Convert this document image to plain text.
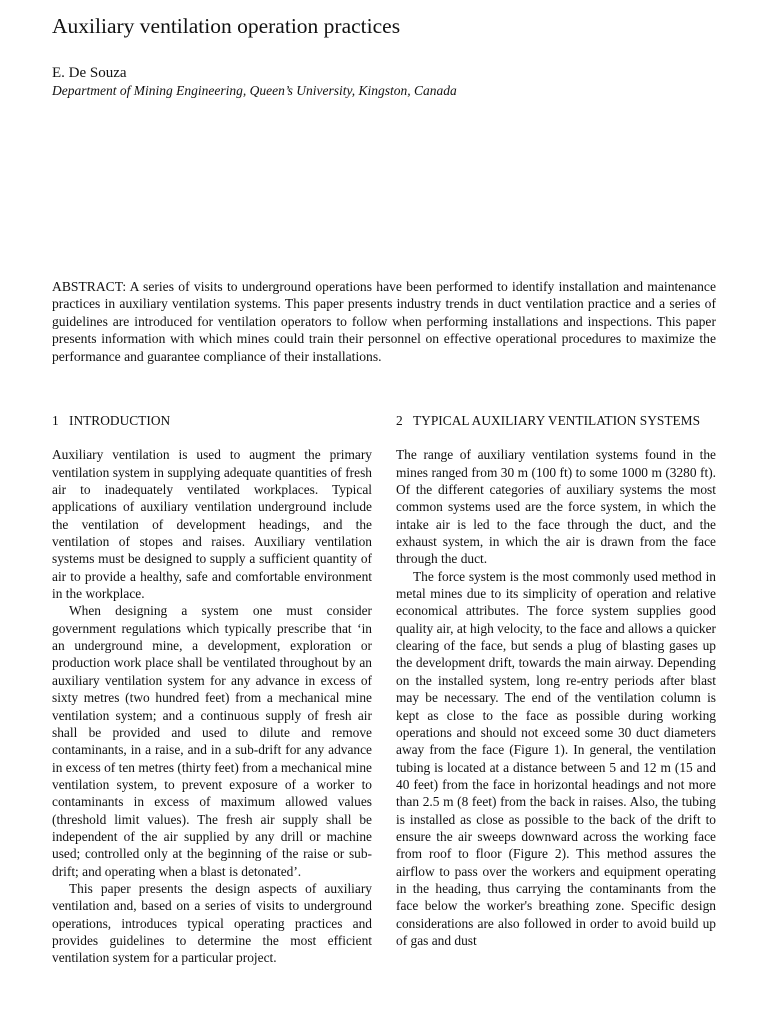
Auxiliary ventilation operation practices
E. De Souza
Department of Mining Engineering, Queen’s University, Kingston, Canada

ABSTRACT: A series of visits to underground operations have been performed to identify installation and maintenance practices in auxiliary ventilation systems. This paper presents industry trends in duct ventilation practice and a series of guidelines are introduced for ventilation operators to follow when performing installations and inspections. This paper presents information with which mines could train their personnel on effective operational procedures to maximize the performance and guarantee compliance of their installations.

1 INTRODUCTION

Auxiliary ventilation is used to augment the primary ventilation system in supplying adequate quantities of fresh air to inadequately ventilated workplaces. Typical applications of auxiliary ventilation underground include the ventilation of development headings, and the ventilation of stopes and raises. Auxiliary ventilation systems must be designed to supply a sufficient quantity of air to provide a healthy, safe and comfortable environment in the workplace.

When designing a system one must consider government regulations which typically prescribe that ‘in an underground mine, a development, exploration or production work place shall be ventilated throughout by an auxiliary ventilation system for any advance in excess of sixty metres (two hundred feet) from a mechanical mine ventilation system; and a continuous supply of fresh air shall be provided and used to dilute and remove contaminants, in a raise, and in a sub-drift for any advance in excess of ten metres (thirty feet) from a mechanical mine ventilation system, to prevent exposure of a worker to contaminants in excess of maximum allowed values (threshold limit values). The fresh air supply shall be independent of the air supplied by any drill or machine used; controlled only at the beginning of the raise or sub-drift; and operating when a blast is detonated’.

This paper presents the design aspects of auxiliary ventilation and, based on a series of visits to underground operations, introduces typical operating practices and provides guidelines to determine the most efficient ventilation system for a particular project.

2 TYPICAL AUXILIARY VENTILATION SYSTEMS

The range of auxiliary ventilation systems found in the mines ranged from 30 m (100 ft) to some 1000 m (3280 ft). Of the different categories of auxiliary systems the most common systems used are the force system, in which the intake air is led to the face through the duct, and the exhaust system, in which the air is drawn from the face through the duct.

The force system is the most commonly used method in metal mines due to its simplicity of operation and relative economical attributes. The force system supplies good quality air, at high velocity, to the face and allows a quicker clearing of the face, but sends a plug of blasting gases up the development drift, towards the main airway. Depending on the installed system, long re-entry periods after blast may be necessary. The end of the ventilation column is kept as close to the face as possible during working operations and should not exceed some 30 duct diameters away from the face (Figure 1). In general, the ventilation tubing is located at a distance between 5 and 12 m (15 and 40 feet) from the face in horizontal headings and not more than 2.5 m (8 feet) from the back in raises. Also, the tubing is installed as close as possible to the back of the drift to ensure the air sweeps downward across the working face from roof to floor (Figure 2). This method assures the airflow to pass over the workers and equipment operating in the heading, thus carrying the contaminants from the face below the worker's breathing zone. Specific design considerations are also followed in order to avoid build up of gas and dust
